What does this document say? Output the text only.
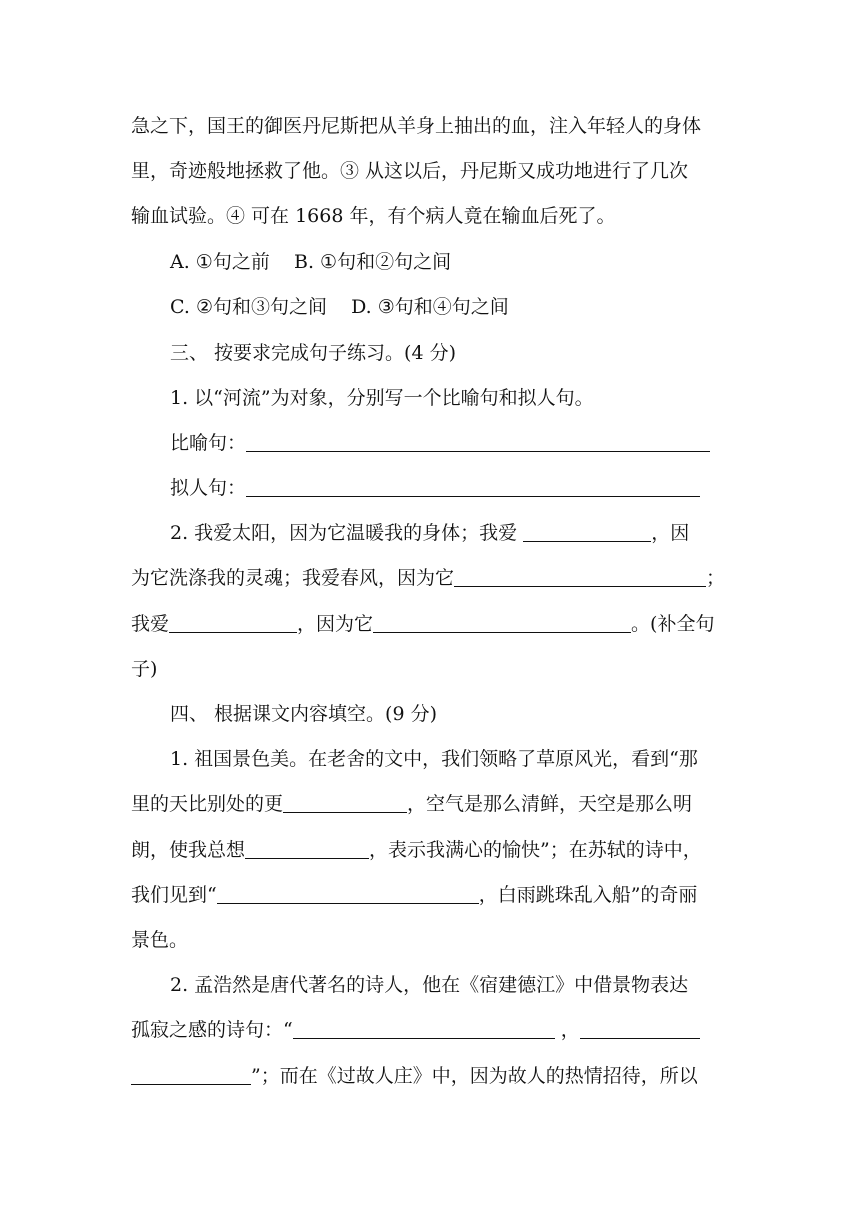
急之下，国王的御医丹尼斯把从羊身上抽出的血，注入年轻人的身体
里，奇迹般地拯救了他。③ 从这以后，丹尼斯又成功地进行了几次
输血试验。④ 可在 1668 年，有个病人竟在输血后死了。
A. ①句之前    B. ①句和②句之间
C. ②句和③句之间    D. ③句和④句之间
三、 按要求完成句子练习。(4 分)
1. 以“河流”为对象，分别写一个比喻句和拟人句。
比喻句：
拟人句：
2. 我爱太阳，因为它温暖我的身体；我爱	，因
为它洗涤我的灵魂；我爱春风，因为它	；
我爱	，因为它	。(补全句
子)
四、 根据课文内容填空。(9 分)
1. 祖国景色美。在老舍的文中，我们领略了草原风光，看到“那
里的天比别处的更	，空气是那么清鲜，天空是那么明
朗，使我总想	，表示我满心的愉快”；在苏轼的诗中，
我们见到“	，白雨跳珠乱入船”的奇丽
景色。
2. 孟浩然是唐代著名的诗人，他在《宿建德江》中借景物表达
孤寂之感的诗句：“	，
”；而在《过故人庄》中，因为故人的热情招待，所以
